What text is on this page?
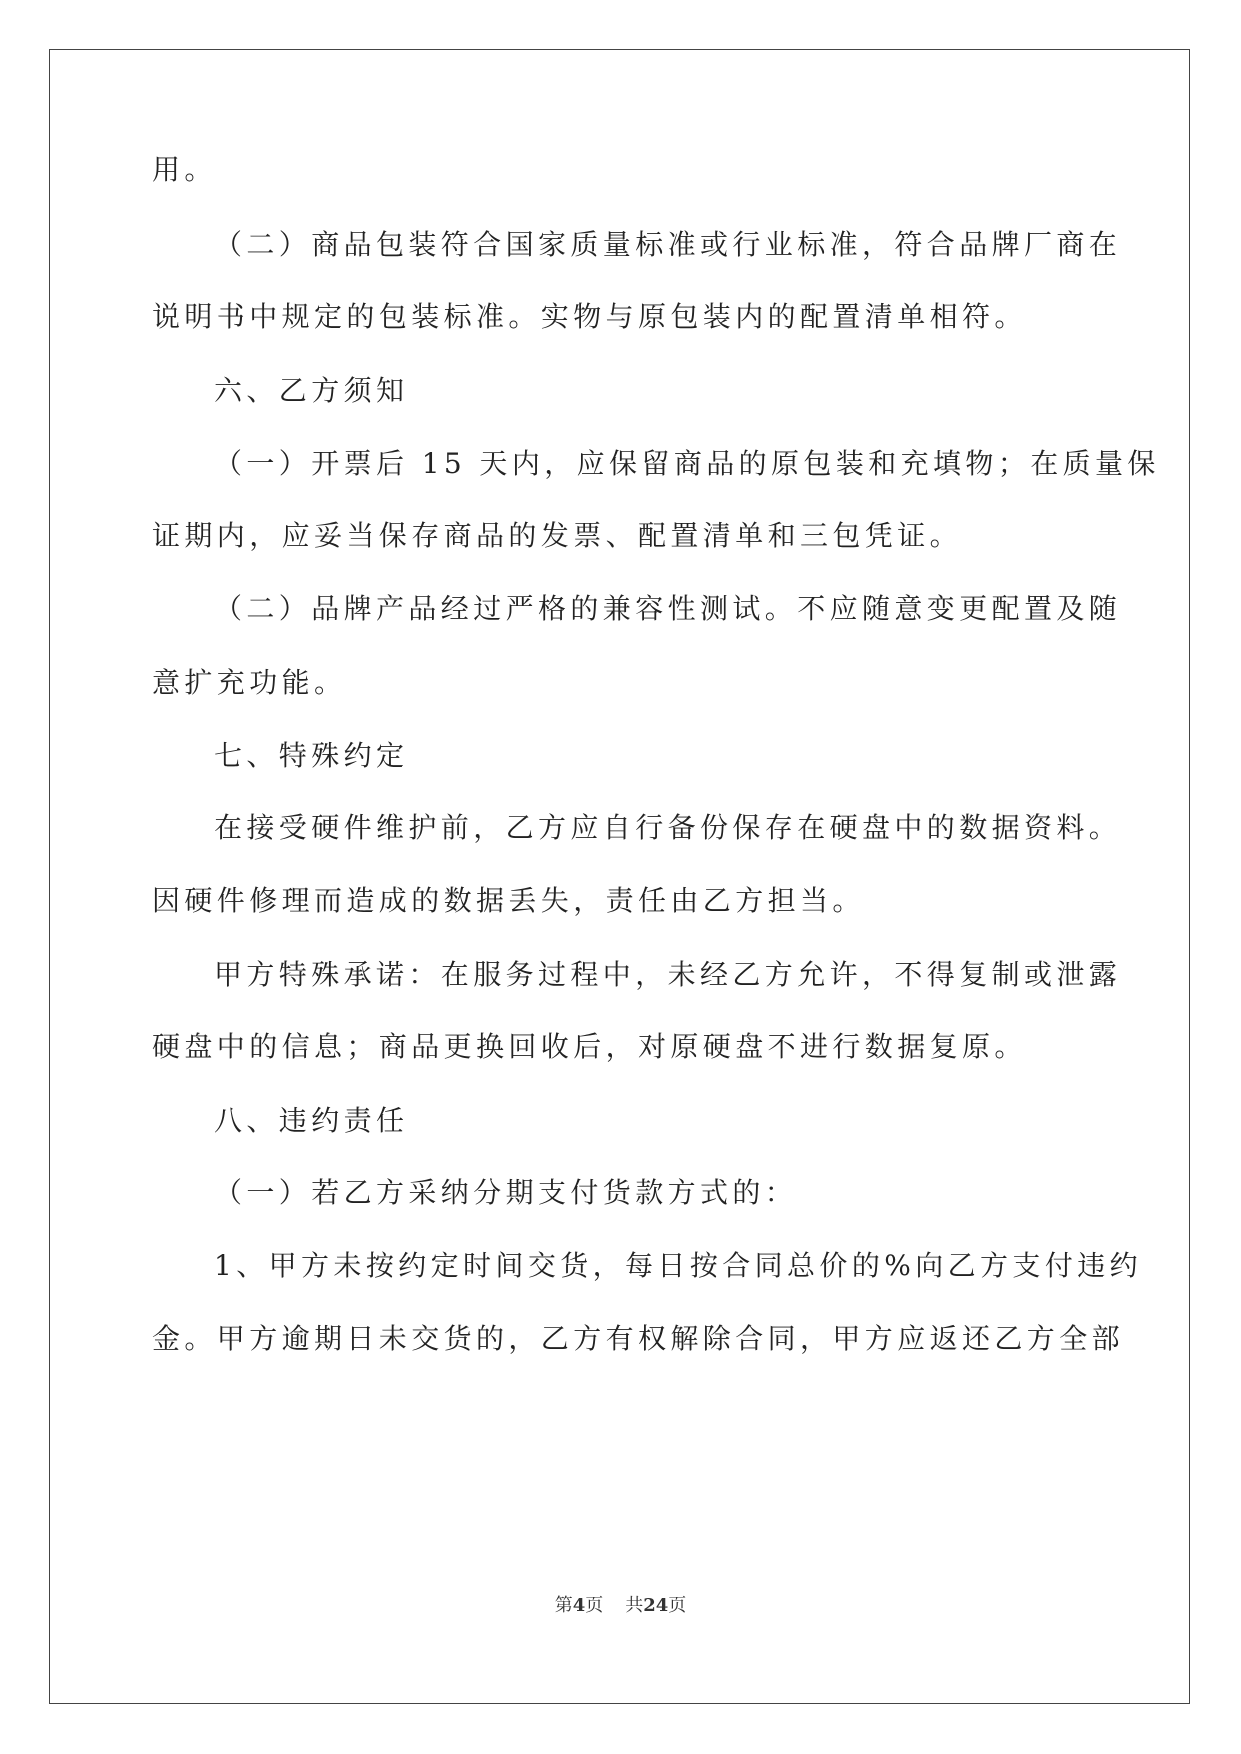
用。
（二）商品包装符合国家质量标准或行业标准，符合品牌厂商在
说明书中规定的包装标准。实物与原包装内的配置清单相符。
六、乙方须知
（一）开票后 15 天内，应保留商品的原包装和充填物；在质量保
证期内，应妥当保存商品的发票、配置清单和三包凭证。
（二）品牌产品经过严格的兼容性测试。不应随意变更配置及随
意扩充功能。
七、特殊约定
在接受硬件维护前，乙方应自行备份保存在硬盘中的数据资料。
因硬件修理而造成的数据丢失，责任由乙方担当。
甲方特殊承诺：在服务过程中，未经乙方允许，不得复制或泄露
硬盘中的信息；商品更换回收后，对原硬盘不进行数据复原。
八、违约责任
（一）若乙方采纳分期支付货款方式的：
1、甲方未按约定时间交货，每日按合同总价的%向乙方支付违约
金。甲方逾期日未交货的，乙方有权解除合同，甲方应返还乙方全部
第4页 共24页
